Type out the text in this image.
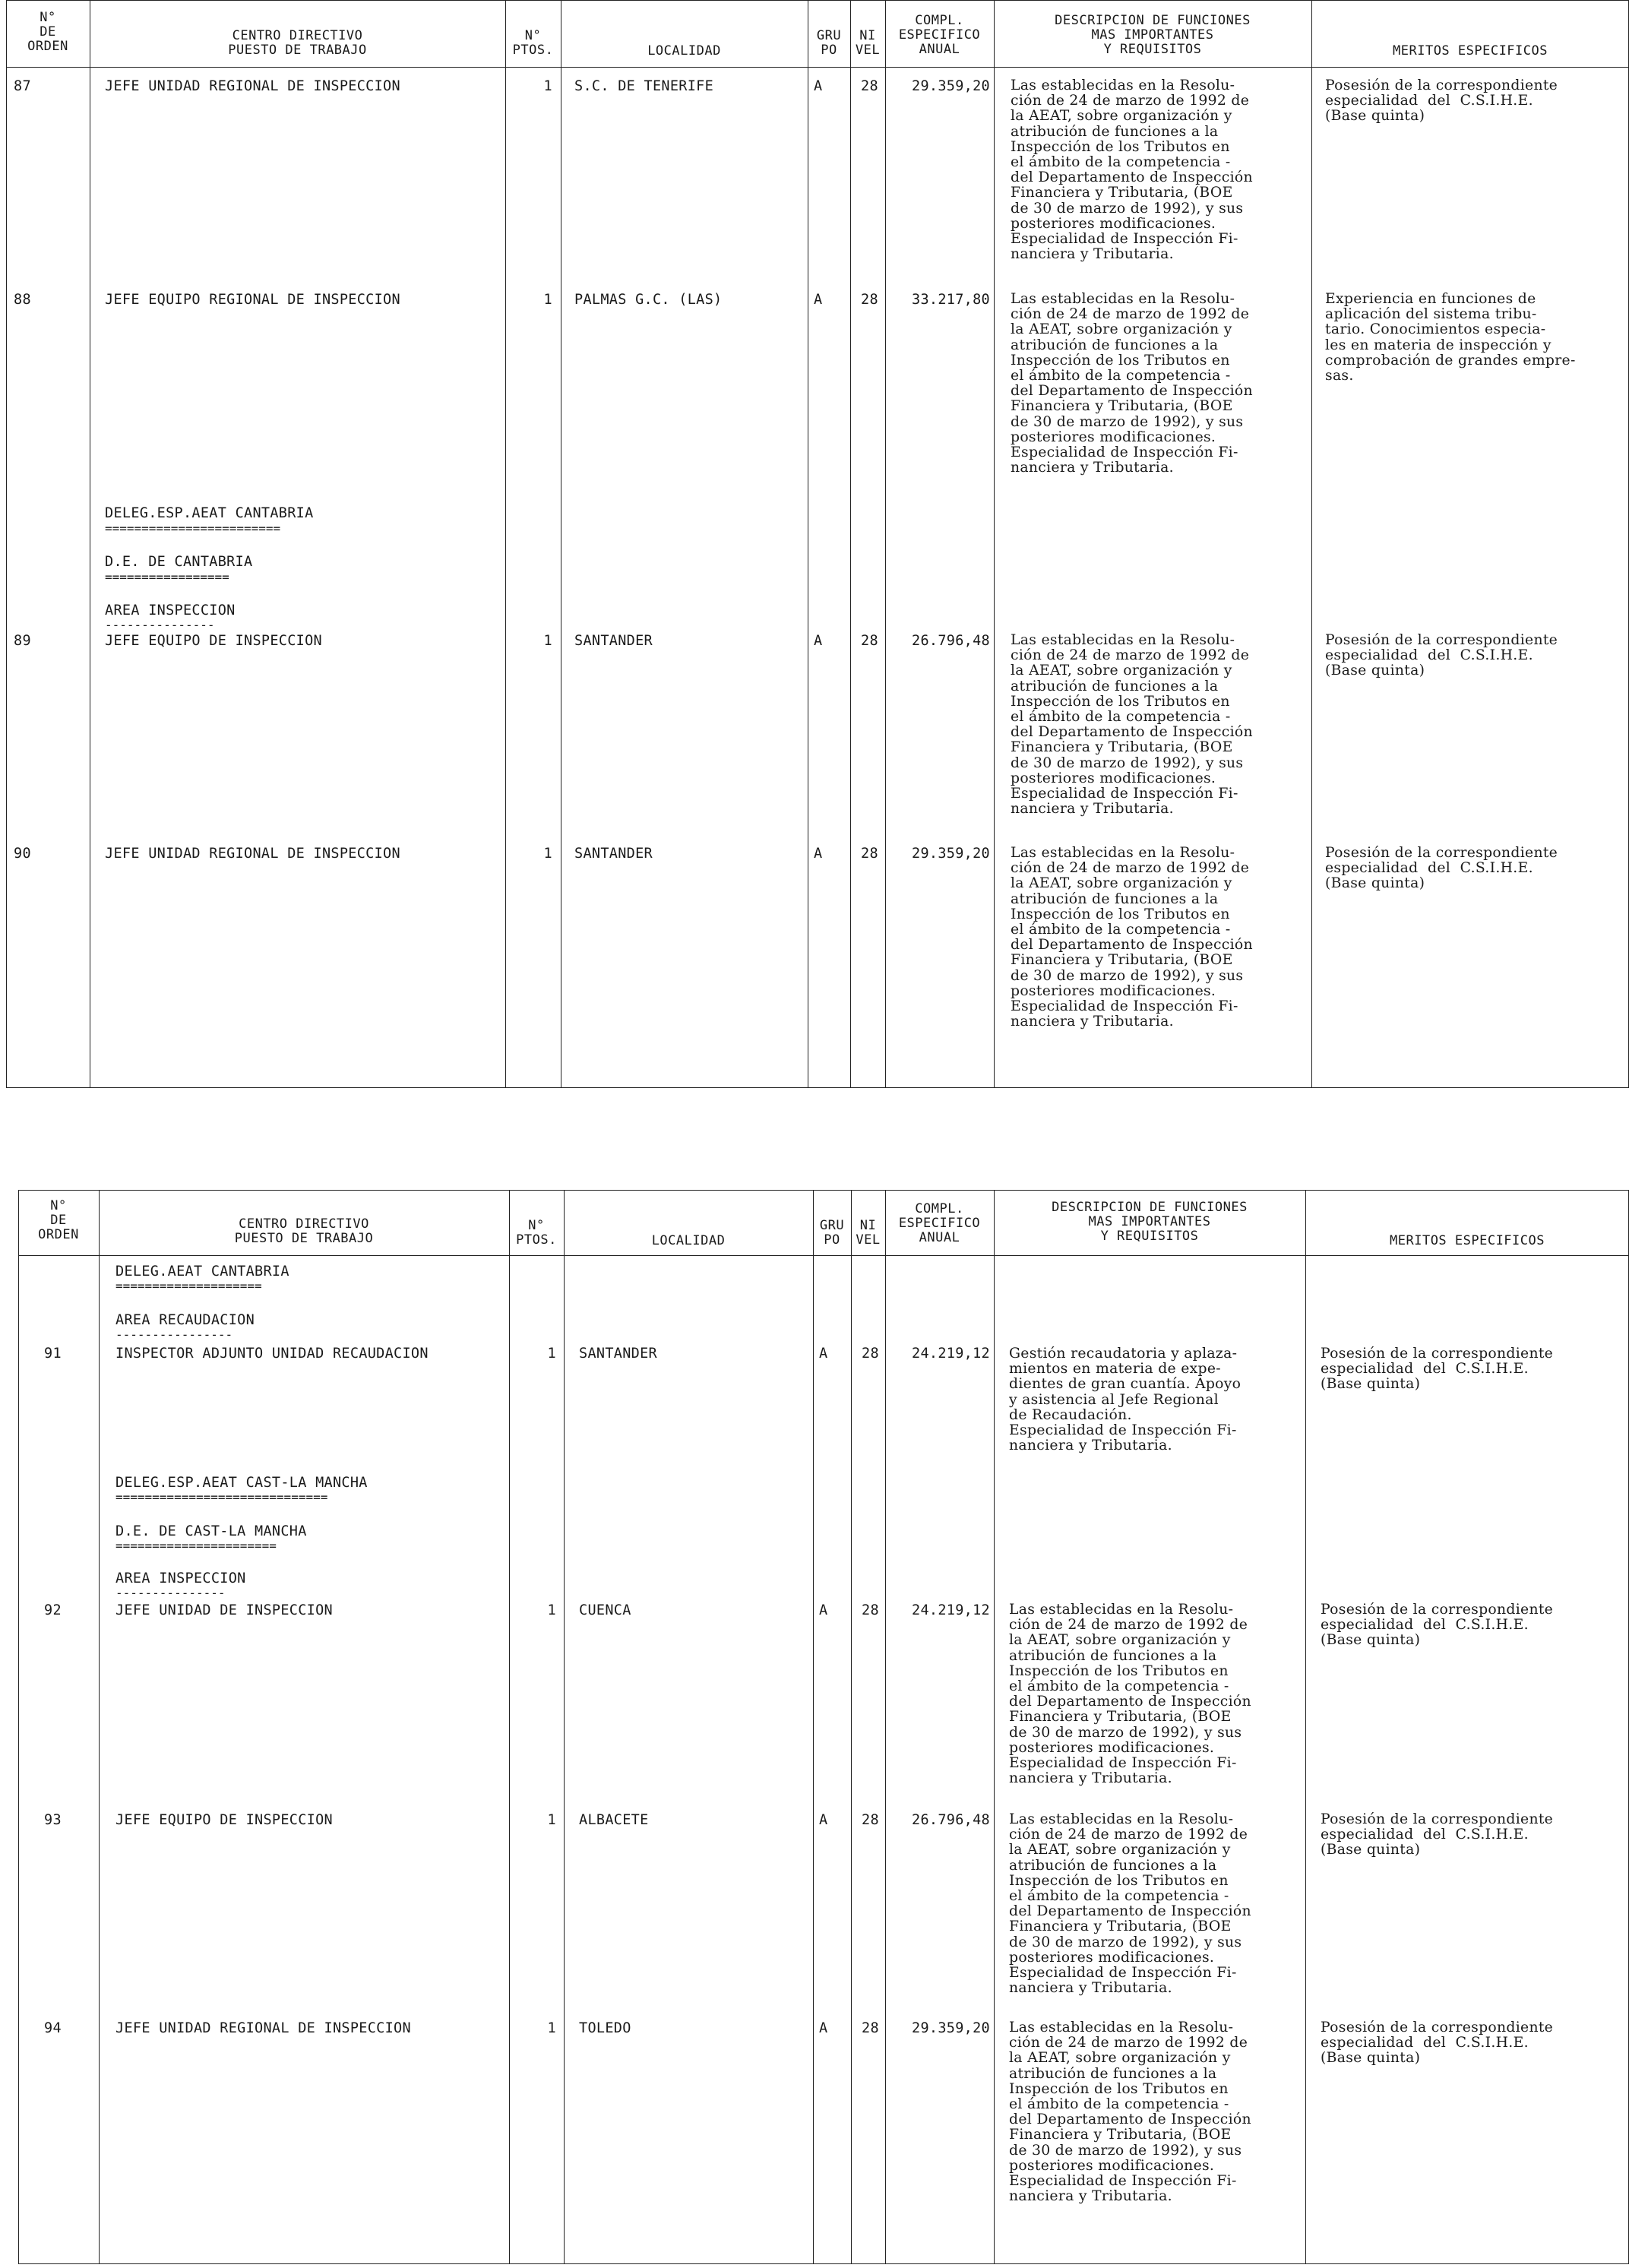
N°
DE
ORDEN
CENTRO DIRECTIVO
PUESTO DE TRABAJO
N°
PTOS.	LOCALIDAD
GRU
PO
NI
VEL
COMPL.
ESPECIFICO
ANUAL
DESCRIPCION DE FUNCIONES
MAS IMPORTANTES
Y REQUISITOS	MERITOS ESPECIFICOS
87	JEFE UNIDAD REGIONAL DE INSPECCION	1 S.C. DE TENERIFE	A	28	29.359,20 Las establecidas en la Resolu-
ción de 24 de marzo de 1992 de
la AEAT, sobre organización y
atribución de funciones a la
Inspección de los Tributos en
el ámbito de la competencia -
del Departamento de Inspección
Financiera y Tributaria, (BOE
de 30 de marzo de 1992), y sus
posteriores modificaciones.
Especialidad de Inspección Fi-
nanciera y Tributaria.
Posesión de la correspondiente
especialidad  del  C.S.I.H.E.
(Base quinta)
88	JEFE EQUIPO REGIONAL DE INSPECCION	1 PALMAS G.C. (LAS)	A	28	33.217,80 Las establecidas en la Resolu-
ción de 24 de marzo de 1992 de
la AEAT, sobre organización y
atribución de funciones a la
Inspección de los Tributos en
el ámbito de la competencia -
del Departamento de Inspección
Financiera y Tributaria, (BOE
de 30 de marzo de 1992), y sus
posteriores modificaciones.
Especialidad de Inspección Fi-
nanciera y Tributaria.
Experiencia en funciones de
aplicación del sistema tribu-
tario. Conocimientos especia-
les en materia de inspección y
comprobación de grandes empre-
sas.
DELEG.ESP.AEAT CANTABRIA
========================
D.E. DE CANTABRIA
=================
AREA INSPECCION
---------------
89	JEFE EQUIPO DE INSPECCION	1 SANTANDER	A	28	26.796,48 Las establecidas en la Resolu-
ción de 24 de marzo de 1992 de
la AEAT, sobre organización y
atribución de funciones a la
Inspección de los Tributos en
el ámbito de la competencia -
del Departamento de Inspección
Financiera y Tributaria, (BOE
de 30 de marzo de 1992), y sus
posteriores modificaciones.
Especialidad de Inspección Fi-
nanciera y Tributaria.
Posesión de la correspondiente
especialidad  del  C.S.I.H.E.
(Base quinta)
90	JEFE UNIDAD REGIONAL DE INSPECCION	1 SANTANDER	A	28	29.359,20 Las establecidas en la Resolu-
ción de 24 de marzo de 1992 de
la AEAT, sobre organización y
atribución de funciones a la
Inspección de los Tributos en
el ámbito de la competencia -
del Departamento de Inspección
Financiera y Tributaria, (BOE
de 30 de marzo de 1992), y sus
posteriores modificaciones.
Especialidad de Inspección Fi-
nanciera y Tributaria.
Posesión de la correspondiente
especialidad  del  C.S.I.H.E.
(Base quinta)
N°
DE
ORDEN
CENTRO DIRECTIVO
PUESTO DE TRABAJO
N°
PTOS.	LOCALIDAD
GRU
PO
NI
VEL
COMPL.
ESPECIFICO
ANUAL
DESCRIPCION DE FUNCIONES
MAS IMPORTANTES
Y REQUISITOS	MERITOS ESPECIFICOS
DELEG.AEAT CANTABRIA
====================
AREA RECAUDACION
----------------
91	INSPECTOR ADJUNTO UNIDAD RECAUDACION	1 SANTANDER	A 28	24.219,12 Gestión recaudatoria y aplaza-
mientos en materia de expe-
dientes de gran cuantía. Apoyo
y asistencia al Jefe Regional
de Recaudación.
Especialidad de Inspección Fi-
nanciera y Tributaria.
Posesión de la correspondiente
especialidad  del  C.S.I.H.E.
(Base quinta)
DELEG.ESP.AEAT CAST-LA MANCHA
=============================
D.E. DE CAST-LA MANCHA
======================
AREA INSPECCION
---------------
92	JEFE UNIDAD DE INSPECCION	1 CUENCA	A 28	24.219,12 Las establecidas en la Resolu-
ción de 24 de marzo de 1992 de
la AEAT, sobre organización y
atribución de funciones a la
Inspección de los Tributos en
el ámbito de la competencia -
del Departamento de Inspección
Financiera y Tributaria, (BOE
de 30 de marzo de 1992), y sus
posteriores modificaciones.
Especialidad de Inspección Fi-
nanciera y Tributaria.
Posesión de la correspondiente
especialidad  del  C.S.I.H.E.
(Base quinta)
93	JEFE EQUIPO DE INSPECCION	1 ALBACETE	A 28	26.796,48 Las establecidas en la Resolu-
ción de 24 de marzo de 1992 de
la AEAT, sobre organización y
atribución de funciones a la
Inspección de los Tributos en
el ámbito de la competencia -
del Departamento de Inspección
Financiera y Tributaria, (BOE
de 30 de marzo de 1992), y sus
posteriores modificaciones.
Especialidad de Inspección Fi-
nanciera y Tributaria.
Posesión de la correspondiente
especialidad  del  C.S.I.H.E.
(Base quinta)
94	JEFE UNIDAD REGIONAL DE INSPECCION	1 TOLEDO	A 28	29.359,20 Las establecidas en la Resolu-
ción de 24 de marzo de 1992 de
la AEAT, sobre organización y
atribución de funciones a la
Inspección de los Tributos en
el ámbito de la competencia -
del Departamento de Inspección
Financiera y Tributaria, (BOE
de 30 de marzo de 1992), y sus
posteriores modificaciones.
Especialidad de Inspección Fi-
nanciera y Tributaria.
Posesión de la correspondiente
especialidad  del  C.S.I.H.E.
(Base quinta)
